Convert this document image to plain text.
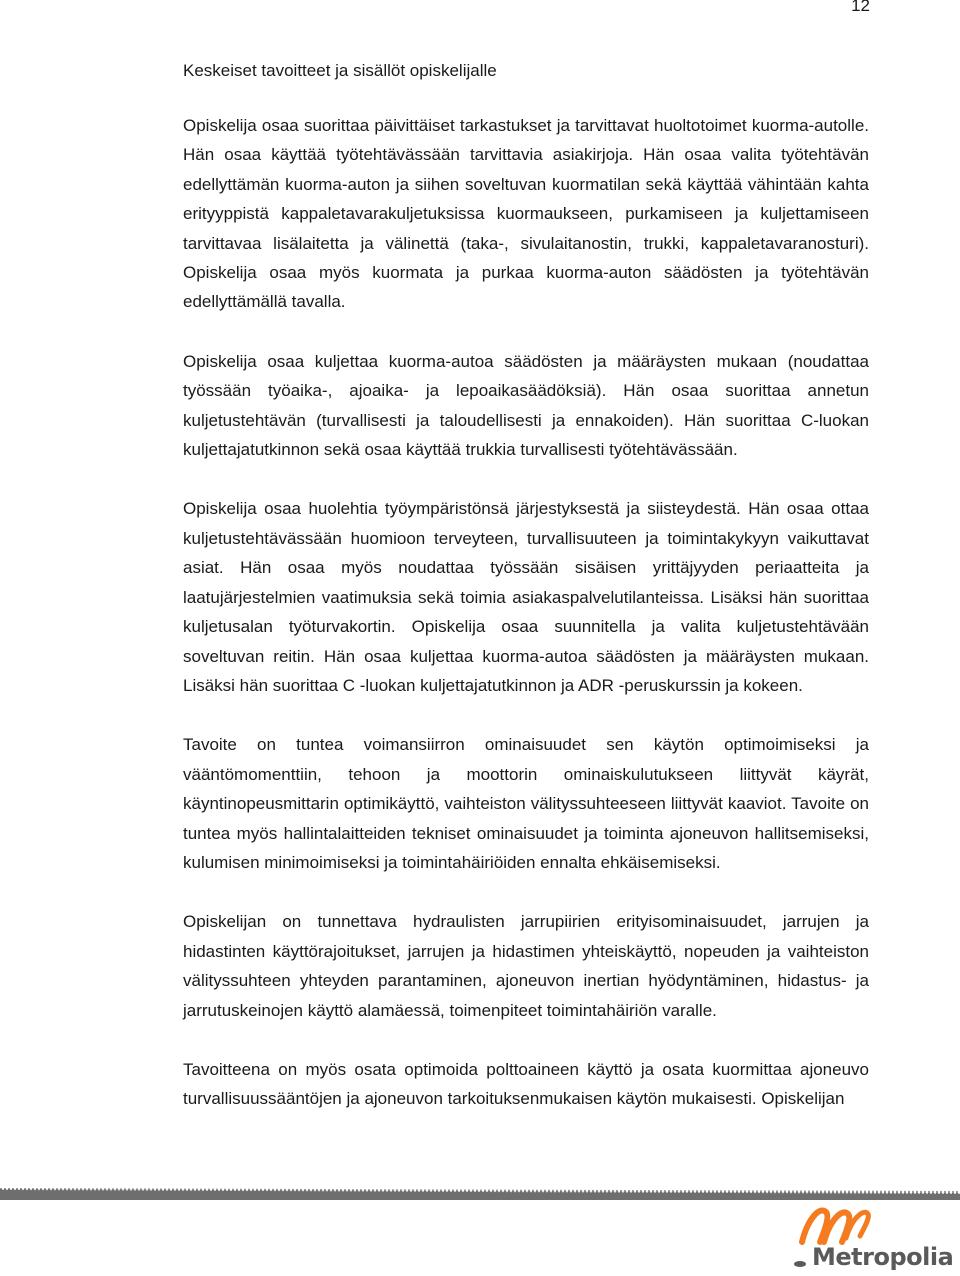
12
Keskeiset tavoitteet ja sisällöt opiskelijalle

Opiskelija osaa suorittaa päivittäiset tarkastukset ja tarvittavat huoltotoimet kuorma-autolle. Hän osaa käyttää työtehtävässään tarvittavia asiakirjoja. Hän osaa valita työtehtävän edellyttämän kuorma-auton ja siihen soveltuvan kuormatilan sekä käyttää vähintään kahta erityyppistä kappaletavarakuljetuksissa kuormaukseen, purkamiseen ja kuljettamiseen tarvittavaa lisälaitetta ja välinettä (taka-, sivulaitanostin, trukki, kappaletavaranosturi). Opiskelija osaa myös kuormata ja purkaa kuorma-auton säädösten ja työtehtävän edellyttämällä tavalla.

Opiskelija osaa kuljettaa kuorma-autoa säädösten ja määräysten mukaan (noudattaa työssään työaika-, ajoaika- ja lepoaikasäädöksiä). Hän osaa suorittaa annetun kuljetustehtävän (turvallisesti ja taloudellisesti ja ennakoiden). Hän suorittaa C-luokan kuljettajatutkinnon sekä osaa käyttää trukkia turvallisesti työtehtävässään.

Opiskelija osaa huolehtia työympäristönsä järjestyksestä ja siisteydestä. Hän osaa ottaa kuljetustehtävässään huomioon terveyteen, turvallisuuteen ja toimintakykyyn vaikuttavat asiat. Hän osaa myös noudattaa työssään sisäisen yrittäjyyden periaatteita ja laatujärjestelmien vaatimuksia sekä toimia asiakaspalvelutilanteissa. Lisäksi hän suorittaa kuljetusalan työturvakortin. Opiskelija osaa suunnitella ja valita kuljetustehtävään soveltuvan reitin. Hän osaa kuljettaa kuorma-autoa säädösten ja määräysten mukaan. Lisäksi hän suorittaa C -luokan kuljettajatutkinnon ja ADR -peruskurssin ja kokeen.

Tavoite on tuntea voimansiirron ominaisuudet sen käytön optimoimiseksi ja vääntömomenttiin, tehoon ja moottorin ominaiskulutukseen liittyvät käyrät, käyntinopeusmittarin optimikäyttö, vaihteiston välityssuhteeseen liittyvät kaaviot. Tavoite on tuntea myös hallintalaitteiden tekniset ominaisuudet ja toiminta ajoneuvon hallitsemiseksi, kulumisen minimoimiseksi ja toimintahäiriöiden ennalta ehkäisemiseksi.

Opiskelijan on tunnettava hydraulisten jarrupiirien erityisominaisuudet, jarrujen ja hidastinten käyttörajoitukset, jarrujen ja hidastimen yhteiskäyttö, nopeuden ja vaihteiston välityssuhteen yhteyden parantaminen, ajoneuvon inertian hyödyntäminen, hidastus- ja jarrutuskeinojen käyttö alamäessä, toimenpiteet toimintahäiriön varalle.

Tavoitteena on myös osata optimoida polttoaineen käyttö ja osata kuormittaa ajoneuvo turvallisuussääntöjen ja ajoneuvon tarkoituksenmukaisen käytön mukaisesti. Opiskelijan

Metropolia
